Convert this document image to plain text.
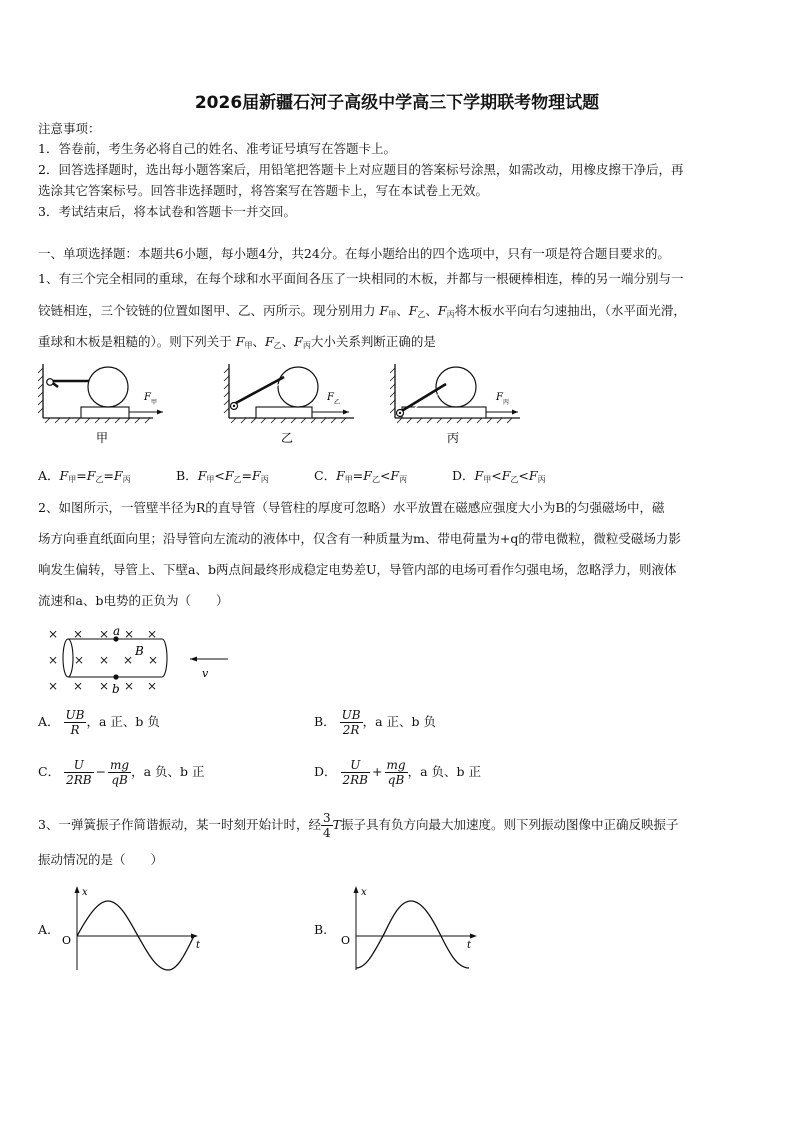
2026届新疆石河子高级中学高三下学期联考物理试题
注意事项：
1．答卷前，考生务必将自己的姓名、准考证号填写在答题卡上。
2．回答选择题时，选出每小题答案后，用铅笔把答题卡上对应题目的答案标号涂黑，如需改动，用橡皮擦干净后，再
选涂其它答案标号。回答非选择题时，将答案写在答题卡上，写在本试卷上无效。
3．考试结束后，将本试卷和答题卡一并交回。
一、单项选择题：本题共6小题，每小题4分，共24分。在每小题给出的四个选项中，只有一项是符合题目要求的。
1、有三个完全相同的重球，在每个球和水平面间各压了一块相同的木板，并都与一根硬棒相连，棒的另一端分别与一
铰链相连，三个铰链的位置如图甲、乙、丙所示。现分别用力 $F_甲$、$F_乙$、$F_丙$将木板水平向右匀速抽出，（水平面光滑，
重球和木板是粗糙的）。则下列关于 $F_甲$、$F_乙$、$F_丙$大小关系判断正确的是
F 甲
甲
F 乙
乙
F 丙
丙
A．$F_甲=F_乙=F_丙$	B．$F_甲<F_乙=F_丙$	C．$F_甲=F_乙<F_丙$	D．$F_甲<F_乙<F_丙$
2、如图所示，一管壁半径为R的直导管（导管柱的厚度可忽略）水平放置在磁感应强度大小为B的匀强磁场中，磁
场方向垂直纸面向里；沿导管向左流动的液体中，仅含有一种质量为m、带电荷量为+q的带电微粒，微粒受磁场力影
响发生偏转，导管上、下壁a、b两点间最终形成稳定电势差U，导管内部的电场可看作匀强电场，忽略浮力，则液体
流速和a、b电势的正负为（　　）
× × × × ×
× × × × ×
× × × × ×
a
b
B
v
A．
$\frac{UB}{R}$ ，a 正、b 负	B．
$\frac{UB}{2R}$ ，a 正、b 负
C．
$\frac{U}{2RB} - \frac{mg}{qB}$ ，a 负、b 正	D．
$\frac{U}{2RB} + \frac{mg}{qB}$ ，a 负、b 正
3、一弹簧振子作简谐振动，某一时刻开始计时，经 $\frac{3}{4}$ T 振子具有负方向最大加速度。则下列振动图像中正确反映振子
振动情况的是（　　）
A.
x
O	t
B.
x
O	t
